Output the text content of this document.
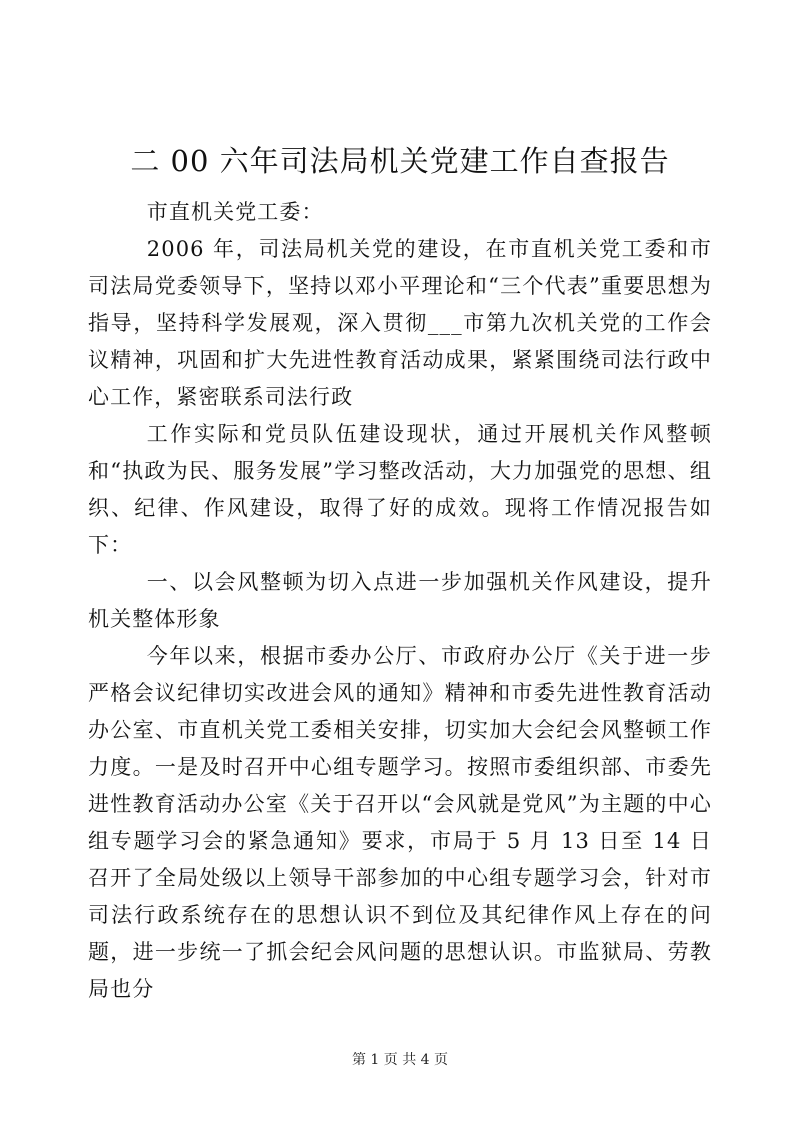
二 00 六年司法局机关党建工作自查报告

市直机关党工委：

2006 年，司法局机关党的建设，在市直机关党工委和市司法局党委领导下，坚持以邓小平理论和“三个代表”重要思想为指导，坚持科学发展观，深入贯彻___市第九次机关党的工作会议精神，巩固和扩大先进性教育活动成果，紧紧围绕司法行政中心工作，紧密联系司法行政

工作实际和党员队伍建设现状，通过开展机关作风整顿和“执政为民、服务发展”学习整改活动，大力加强党的思想、组织、纪律、作风建设，取得了好的成效。现将工作情况报告如下：

一、以会风整顿为切入点进一步加强机关作风建设，提升机关整体形象

今年以来，根据市委办公厅、市政府办公厅《关于进一步严格会议纪律切实改进会风的通知》精神和市委先进性教育活动办公室、市直机关党工委相关安排，切实加大会纪会风整顿工作力度。一是及时召开中心组专题学习。按照市委组织部、市委先进性教育活动办公室《关于召开以“会风就是党风”为主题的中心组专题学习会的紧急通知》要求，市局于 5 月 13 日至 14 日召开了全局处级以上领导干部参加的中心组专题学习会，针对市司法行政系统存在的思想认识不到位及其纪律作风上存在的问题，进一步统一了抓会纪会风问题的思想认识。市监狱局、劳教局也分

第 1 页 共 4 页
